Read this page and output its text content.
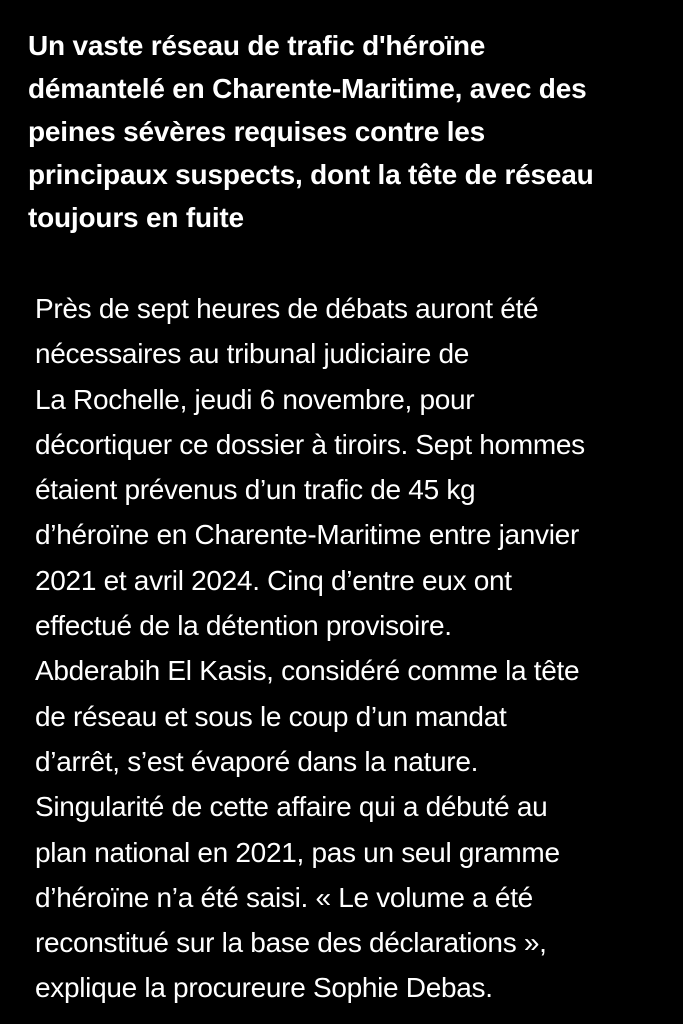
Un vaste réseau de trafic d'héroïne
démantelé en Charente-Maritime, avec des
peines sévères requises contre les
principaux suspects, dont la tête de réseau
toujours en fuite

Près de sept heures de débats auront été
nécessaires au tribunal judiciaire de
La Rochelle, jeudi 6 novembre, pour
décortiquer ce dossier à tiroirs. Sept hommes
étaient prévenus d’un trafic de 45 kg
d’héroïne en Charente-Maritime entre janvier
2021 et avril 2024. Cinq d’entre eux ont
effectué de la détention provisoire.
Abderabih El Kasis, considéré comme la tête
de réseau et sous le coup d’un mandat
d’arrêt, s’est évaporé dans la nature.
Singularité de cette affaire qui a débuté au
plan national en 2021, pas un seul gramme
d’héroïne n’a été saisi. « Le volume a été
reconstitué sur la base des déclarations »,
explique la procureure Sophie Debas.
